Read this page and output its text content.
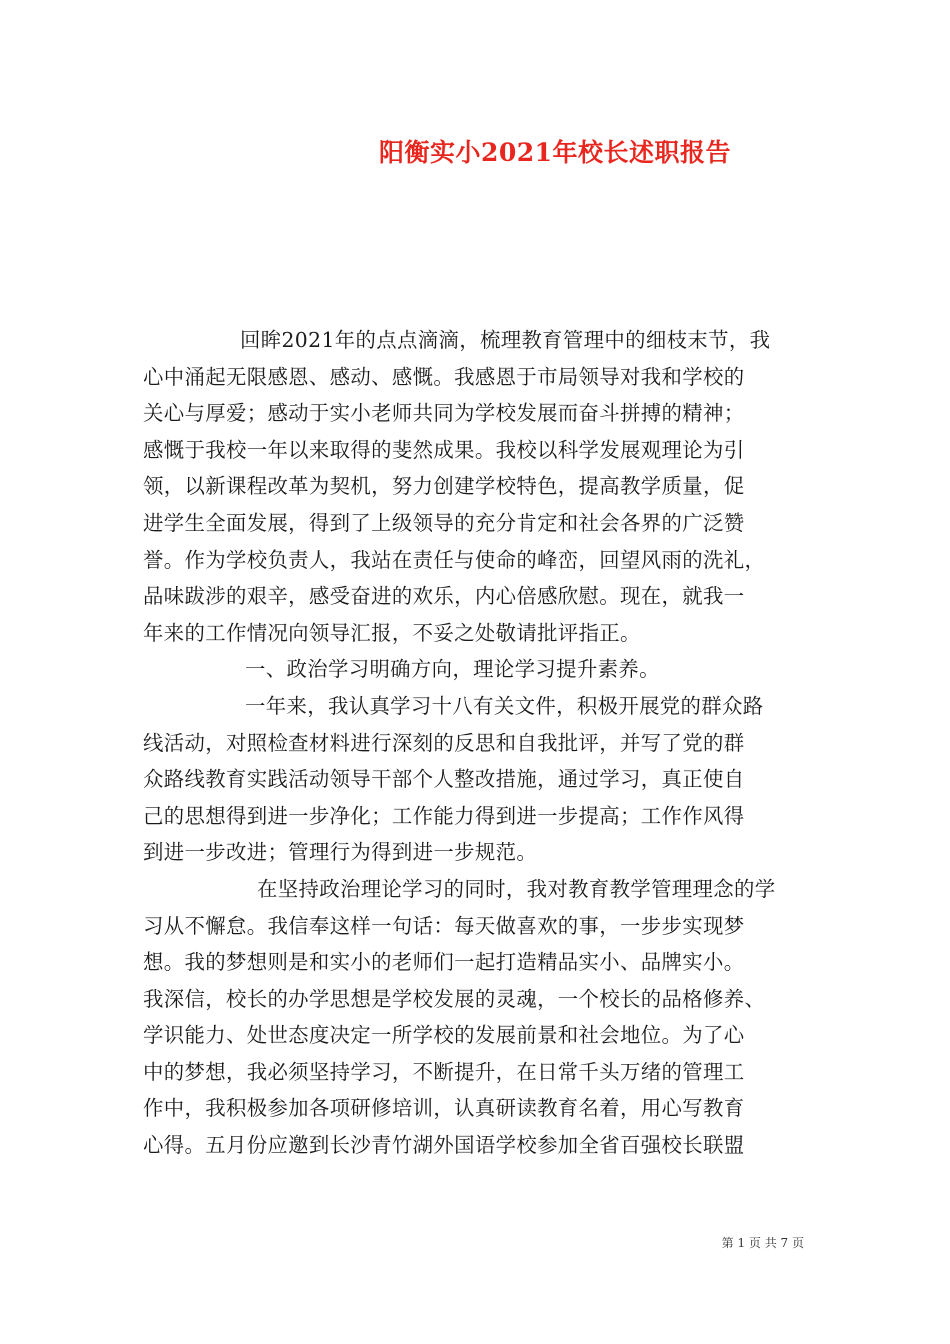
阳衡实小2021年校长述职报告
回眸2021年的点点滴滴，梳理教育管理中的细枝末节，我
心中涌起无限感恩、感动、感慨。我感恩于市局领导对我和学校的
关心与厚爱；感动于实小老师共同为学校发展而奋斗拼搏的精神；
感慨于我校一年以来取得的斐然成果。我校以科学发展观理论为引
领，以新课程改革为契机，努力创建学校特色，提高教学质量，促
进学生全面发展，得到了上级领导的充分肯定和社会各界的广泛赞
誉。作为学校负责人，我站在责任与使命的峰峦，回望风雨的洗礼，
品味跋涉的艰辛，感受奋进的欢乐，内心倍感欣慰。现在，就我一
年来的工作情况向领导汇报，不妥之处敬请批评指正。
一、政治学习明确方向，理论学习提升素养。
一年来，我认真学习十八有关文件，积极开展党的群众路
线活动，对照检查材料进行深刻的反思和自我批评，并写了党的群
众路线教育实践活动领导干部个人整改措施，通过学习，真正使自
己的思想得到进一步净化；工作能力得到进一步提高；工作作风得
到进一步改进；管理行为得到进一步规范。
在坚持政治理论学习的同时，我对教育教学管理理念的学
习从不懈怠。我信奉这样一句话：每天做喜欢的事，一步步实现梦
想。我的梦想则是和实小的老师们一起打造精品实小、品牌实小。
我深信，校长的办学思想是学校发展的灵魂，一个校长的品格修养、
学识能力、处世态度决定一所学校的发展前景和社会地位。为了心
中的梦想，我必须坚持学习，不断提升，在日常千头万绪的管理工
作中，我积极参加各项研修培训，认真研读教育名着，用心写教育
心得。五月份应邀到长沙青竹湖外国语学校参加全省百强校长联盟
第 1 页 共 7 页
